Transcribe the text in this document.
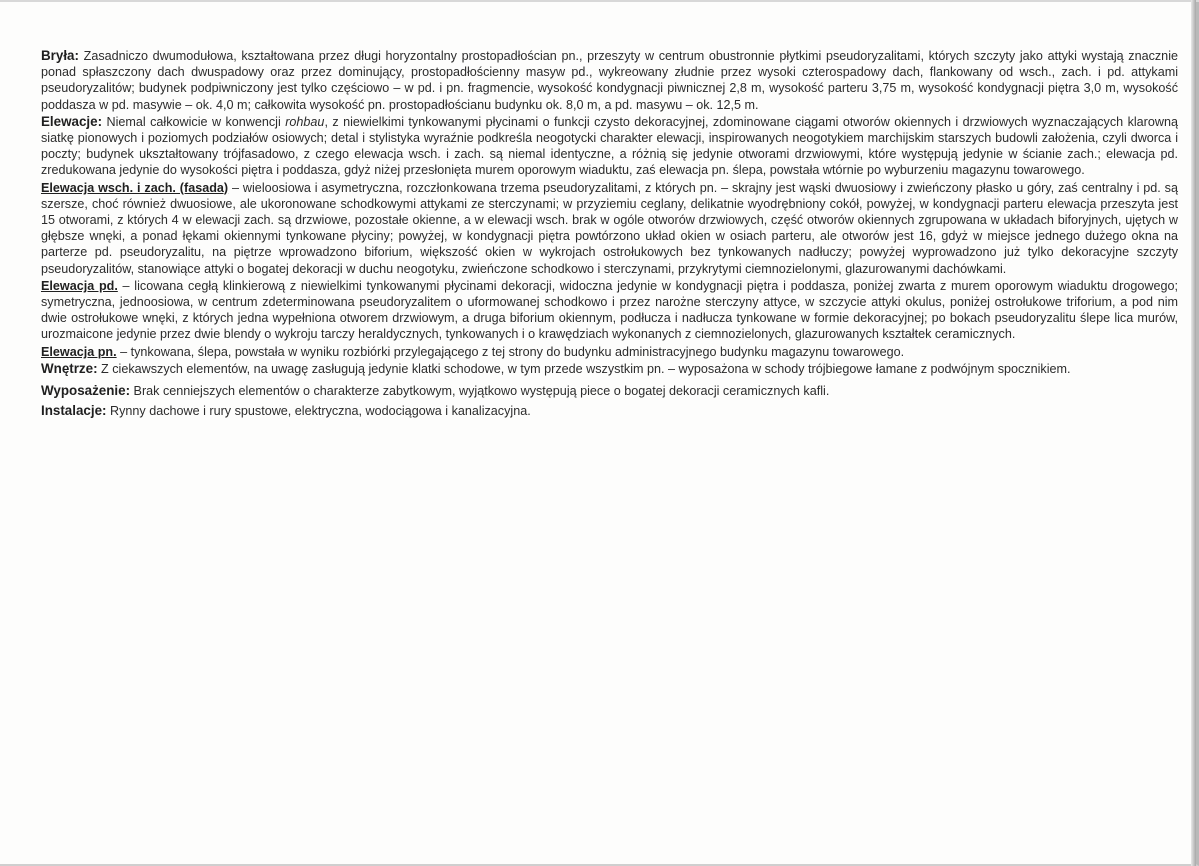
Bryła: Zasadniczo dwumodułowa, kształtowana przez długi horyzontalny prostopadłościan pn., przeszyty w centrum obustronnie płytkimi pseudoryzalitami, których szczyty jako attyki wystają znacznie ponad spłaszczony dach dwuspadowy oraz przez dominujący, prostopadłościenny masyw pd., wykreowany złudnie przez wysoki czterospadowy dach, flankowany od wsch., zach. i pd. attykami pseudoryzalitów; budynek podpiwniczony jest tylko częściowo – w pd. i pn. fragmencie, wysokość kondygnacji piwnicznej 2,8 m, wysokość parteru 3,75 m, wysokość kondygnacji piętra 3,0 m, wysokość poddasza w pd. masywie – ok. 4,0 m; całkowita wysokość pn. prostopadłościanu budynku ok. 8,0 m, a pd. masywu – ok. 12,5 m.

Elewacje: Niemal całkowicie w konwencji rohbau, z niewielkimi tynkowanymi płycinami o funkcji czysto dekoracyjnej, zdominowane ciągami otworów okiennych i drzwiowych wyznaczających klarowną siatkę pionowych i poziomych podziałów osiowych; detal i stylistyka wyraźnie podkreśla neogotycki charakter elewacji, inspirowanych neogotykiem marchijskim starszych budowli założenia, czyli dworca i poczty; budynek ukształtowany trójfasadowo, z czego elewacja wsch. i zach. są niemal identyczne, a różnią się jedynie otworami drzwiowymi, które występują jedynie w ścianie zach.; elewacja pd. zredukowana jedynie do wysokości piętra i poddasza, gdyż niżej przesłonięta murem oporowym wiaduktu, zaś elewacja pn. ślepa, powstała wtórnie po wyburzeniu magazynu towarowego.

Elewacja wsch. i zach. (fasada) – wieloosiowa i asymetryczna, rozczłonkowana trzema pseudoryzalitami, z których pn. – skrajny jest wąski dwuosiowy i zwieńczony płasko u góry, zaś centralny i pd. są szersze, choć również dwuosiowe, ale ukoronowane schodkowymi attykami ze sterczynami; w przyziemiu ceglany, delikatnie wyodrębniony cokół, powyżej, w kondygnacji parteru elewacja przeszyta jest 15 otworami, z których 4 w elewacji zach. są drzwiowe, pozostałe okienne, a w elewacji wsch. brak w ogóle otworów drzwiowych, część otworów okiennych zgrupowana w układach biforyjnych, ujętych w głębsze wnęki, a ponad łękami okiennymi tynkowane płyciny; powyżej, w kondygnacji piętra powtórzono układ okien w osiach parteru, ale otworów jest 16, gdyż w miejsce jednego dużego okna na parterze pd. pseudoryzalitu, na piętrze wprowadzono biforium, większość okien w wykrojach ostrołukowych bez tynkowanych nadłuczy; powyżej wyprowadzono już tylko dekoracyjne szczyty pseudoryzalitów, stanowiące attyki o bogatej dekoracji w duchu neogotyku, zwieńczone schodkowo i sterczynami, przykrytymi ciemnozielonymi, glazurowanymi dachówkami.

Elewacja pd. – licowana cegłą klinkierową z niewielkimi tynkowanymi płycinami dekoracji, widoczna jedynie w kondygnacji piętra i poddasza, poniżej zwarta z murem oporowym wiaduktu drogowego; symetryczna, jednoosiowa, w centrum zdeterminowana pseudoryzalitem o uformowanej schodkowo i przez narożne sterczyny attyce, w szczycie attyki okulus, poniżej ostrołukowe triforium, a pod nim dwie ostrołukowe wnęki, z których jedna wypełniona otworem drzwiowym, a druga biforium okiennym, podłucza i nadłucza tynkowane w formie dekoracyjnej; po bokach pseudoryzalitu ślepe lica murów, urozmaicone jedynie przez dwie blendy o wykroju tarczy heraldycznych, tynkowanych i o krawędziach wykonanych z ciemnozielonych, glazurowanych kształtek ceramicznych.

Elewacja pn. – tynkowana, ślepa, powstała w wyniku rozbiórki przylegającego z tej strony do budynku administracyjnego budynku magazynu towarowego.

Wnętrze: Z ciekawszych elementów, na uwagę zasługują jedynie klatki schodowe, w tym przede wszystkim pn. – wyposażona w schody trójbiegowe łamane z podwójnym spocznikiem.

Wyposażenie: Brak cenniejszych elementów o charakterze zabytkowym, wyjątkowo występują piece o bogatej dekoracji ceramicznych kafli.

Instalacje: Rynny dachowe i rury spustowe, elektryczna, wodociągowa i kanalizacyjna.
